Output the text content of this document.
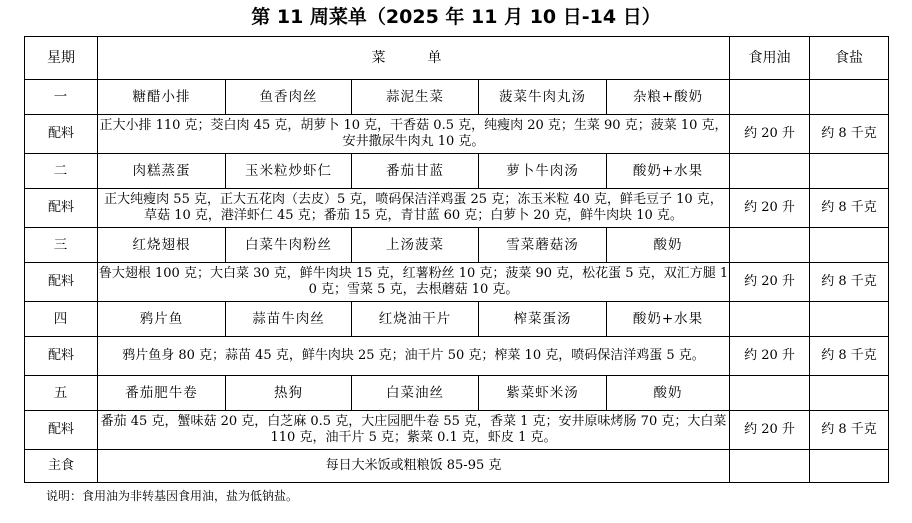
第 11 周菜单（2025 年 11 月 10 日-14 日）
星期	菜　单					食用油	食盐
一	糖醋小排	鱼香肉丝	蒜泥生菜	菠菜牛肉丸汤	杂粮+酸奶		
配料	正大小排 110 克；茭白肉 45 克，胡萝卜 10 克，干香菇 0.5 克，纯瘦肉 20 克；生菜 90 克；菠菜 10 克，安井撒尿牛肉丸 10 克。					约 20 升	约 8 千克
二	肉糕蒸蛋	玉米粒炒虾仁	番茄甘蓝	萝卜牛肉汤	酸奶+水果		
配料	正大纯瘦肉 55 克，正大五花肉（去皮）5 克，喷码保洁洋鸡蛋 25 克；冻玉米粒 40 克，鲜毛豆子 10 克，草菇 10 克，港洋虾仁 45 克；番茄 15 克，青甘蓝 60 克；白萝卜 20 克，鲜牛肉块 10 克。					约 20 升	约 8 千克
三	红烧翅根	白菜牛肉粉丝	上汤菠菜	雪菜蘑菇汤	酸奶		
配料	鲁大翅根 100 克；大白菜 30 克，鲜牛肉块 15 克，红薯粉丝 10 克；菠菜 90 克，松花蛋 5 克，双汇方腿 10 克；雪菜 5 克，去根蘑菇 10 克。					约 20 升	约 8 千克
四	鸦片鱼	蒜苗牛肉丝	红烧油干片	榨菜蛋汤	酸奶+水果		
配料	鸦片鱼身 80 克；蒜苗 45 克，鲜牛肉块 25 克；油干片 50 克；榨菜 10 克，喷码保洁洋鸡蛋 5 克。					约 20 升	约 8 千克
五	番茄肥牛卷	热狗	白菜油丝	紫菜虾米汤	酸奶		
配料	番茄 45 克，蟹味菇 20 克，白芝麻 0.5 克，大庄园肥牛卷 55 克，香菜 1 克；安井原味烤肠 70 克；大白菜 110 克，油干片 5 克；紫菜 0.1 克，虾皮 1 克。					约 20 升	约 8 千克
主食	每日大米饭或粗粮饭 85-95 克						
说明：食用油为非转基因食用油，盐为低钠盐。
